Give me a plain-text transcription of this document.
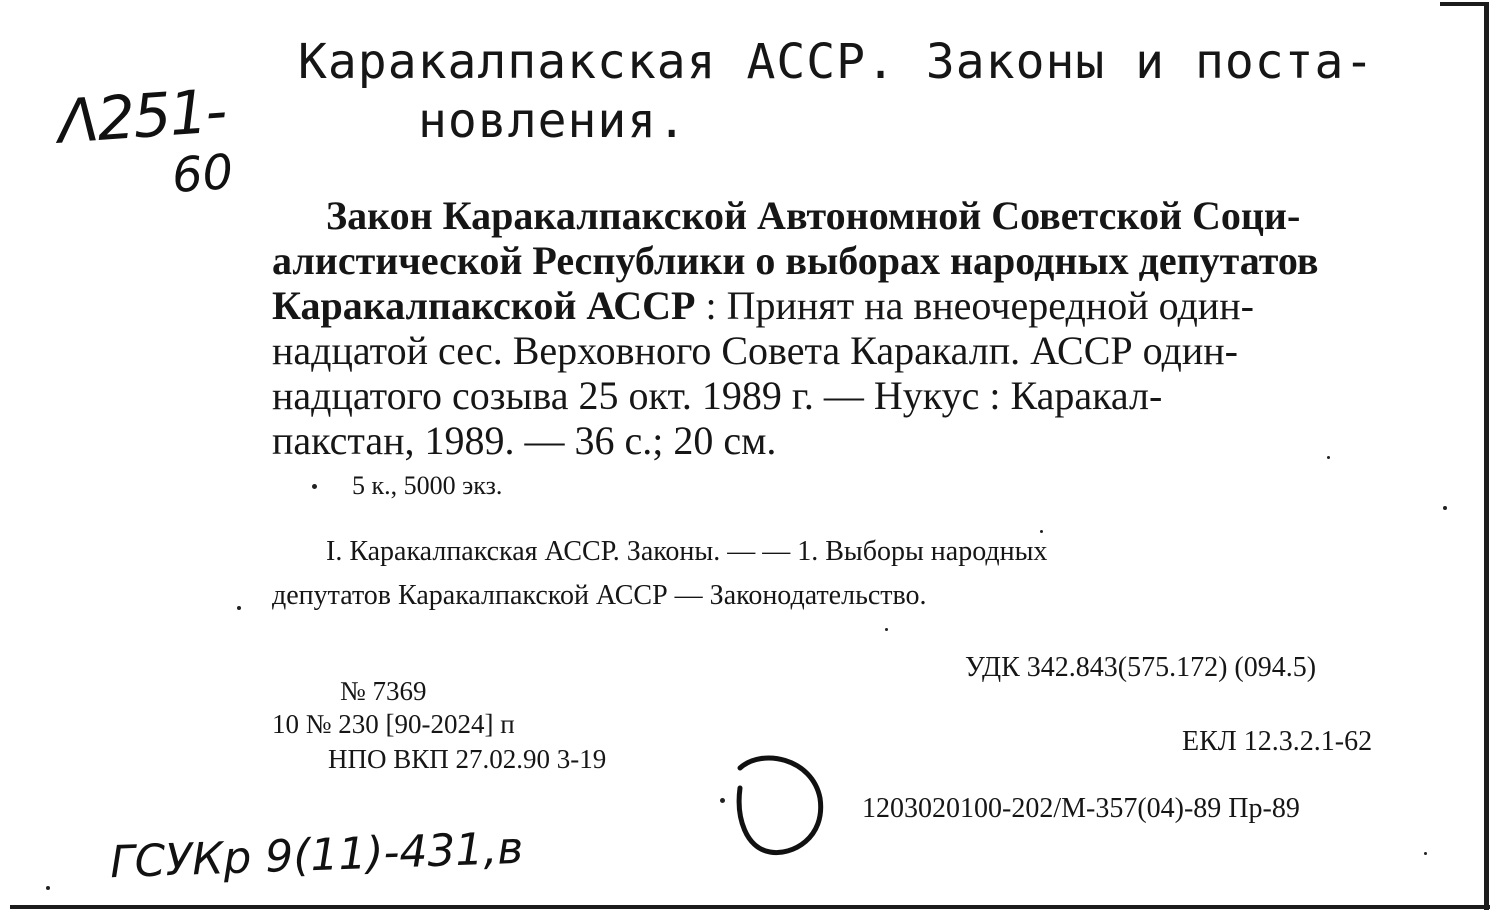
Каракалпакская АССР. Законы и поста-
новления.
Λ251-
60
Закон Каракалпакской Автономной Советской Соци-
алистической Республики о выборах народных депутатов
Каракалпакской АССР : Принят на внеочередной один-
надцатой сес. Верховного Совета Каракалп. АССР один-
надцатого созыва 25 окт. 1989 г. — Нукус : Каракал-
пакстан, 1989. — 36 с.; 20 см.
5 к., 5000 экз.
I. Каракалпакская АССР. Законы. — — 1. Выборы народных
депутатов Каракалпакской АССР — Законодательство.
УДК 342.843(575.172) (094.5)
№ 7369
10 № 230 [90-2024] п
НПО ВКП 27.02.90 3-19
ЕКЛ 12.3.2.1-62
1203020100-202/М-357(04)-89 Пр-89
ГСУКр 9(11)-431,в
